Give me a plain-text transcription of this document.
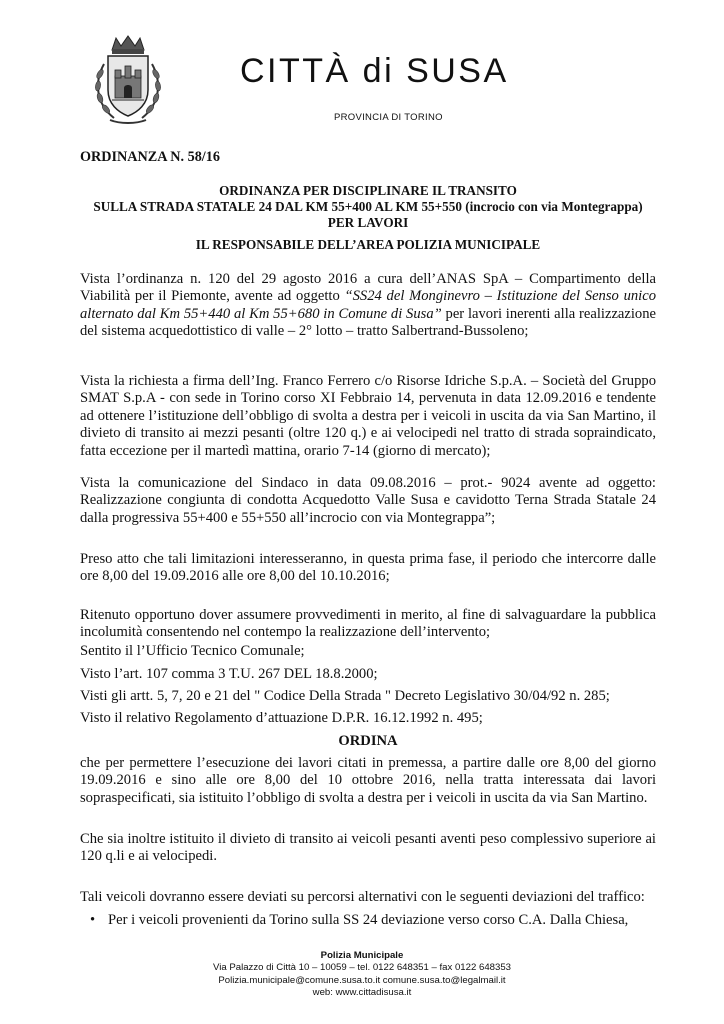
CITTÀ di SUSA
PROVINCIA DI TORINO
ORDINANZA N. 58/16
ORDINANZA PER DISCIPLINARE IL TRANSITO
SULLA STRADA STATALE 24 DAL KM 55+400 AL KM 55+550 (incrocio con via Montegrappa)
PER LAVORI
IL RESPONSABILE DELL’AREA POLIZIA MUNICIPALE
Vista l’ordinanza n. 120 del 29 agosto 2016 a cura dell’ANAS SpA – Compartimento della Viabilità per il Piemonte, avente ad oggetto “SS24 del Monginevro – Istituzione del Senso unico alternato dal Km 55+440 al Km 55+680 in Comune di Susa” per lavori inerenti alla realizzazione del sistema acquedottistico di valle – 2° lotto – tratto Salbertrand-Bussoleno;
Vista la richiesta a firma dell’Ing. Franco Ferrero c/o Risorse Idriche S.p.A. – Società del Gruppo SMAT S.p.A - con sede in Torino corso XI Febbraio 14, pervenuta in data 12.09.2016 e tendente ad ottenere l’istituzione dell’obbligo di svolta a destra per i veicoli in uscita da via San Martino, il divieto di transito ai mezzi pesanti (oltre 120 q.) e ai velocipedi nel tratto di strada sopraindicato, fatta eccezione per il martedì mattina, orario 7-14 (giorno di mercato);
Vista la comunicazione del Sindaco in data 09.08.2016 – prot.- 9024 avente ad oggetto: Realizzazione congiunta di condotta Acquedotto Valle Susa e cavidotto Terna Strada Statale 24 dalla progressiva 55+400 e 55+550 all’incrocio con via Montegrappa”;
Preso atto che tali limitazioni interesseranno, in questa prima fase, il periodo che intercorre dalle ore 8,00 del 19.09.2016 alle ore 8,00 del 10.10.2016;
Ritenuto opportuno dover assumere provvedimenti in merito, al fine di salvaguardare la pubblica incolumità consentendo nel contempo la realizzazione dell’intervento;
Sentito il l’Ufficio Tecnico Comunale;
Visto l’art. 107 comma 3 T.U. 267 DEL 18.8.2000;
Visti gli artt. 5, 7, 20 e 21 del " Codice Della Strada " Decreto Legislativo 30/04/92 n. 285;
Visto il relativo Regolamento d’attuazione D.P.R. 16.12.1992 n. 495;
ORDINA
che per permettere l’esecuzione dei lavori citati in premessa, a partire dalle ore 8,00 del giorno 19.09.2016 e sino alle ore 8,00 del 10 ottobre 2016, nella tratta interessata dai lavori sopraspecificati, sia istituito l’obbligo di svolta a destra per i veicoli in uscita da via San Martino.
Che sia inoltre istituito il divieto di transito ai veicoli pesanti aventi peso complessivo superiore ai 120 q.li e ai velocipedi.
Tali veicoli dovranno essere deviati su percorsi alternativi con le seguenti deviazioni del traffico:
• Per i veicoli provenienti da Torino sulla SS 24 deviazione verso corso C.A. Dalla Chiesa,
Polizia Municipale
Via Palazzo di Città 10 – 10059 – tel. 0122 648351 – fax 0122 648353
Polizia.municipale@comune.susa.to.it comune.susa.to@legalmail.it
web: www.cittadisusa.it
